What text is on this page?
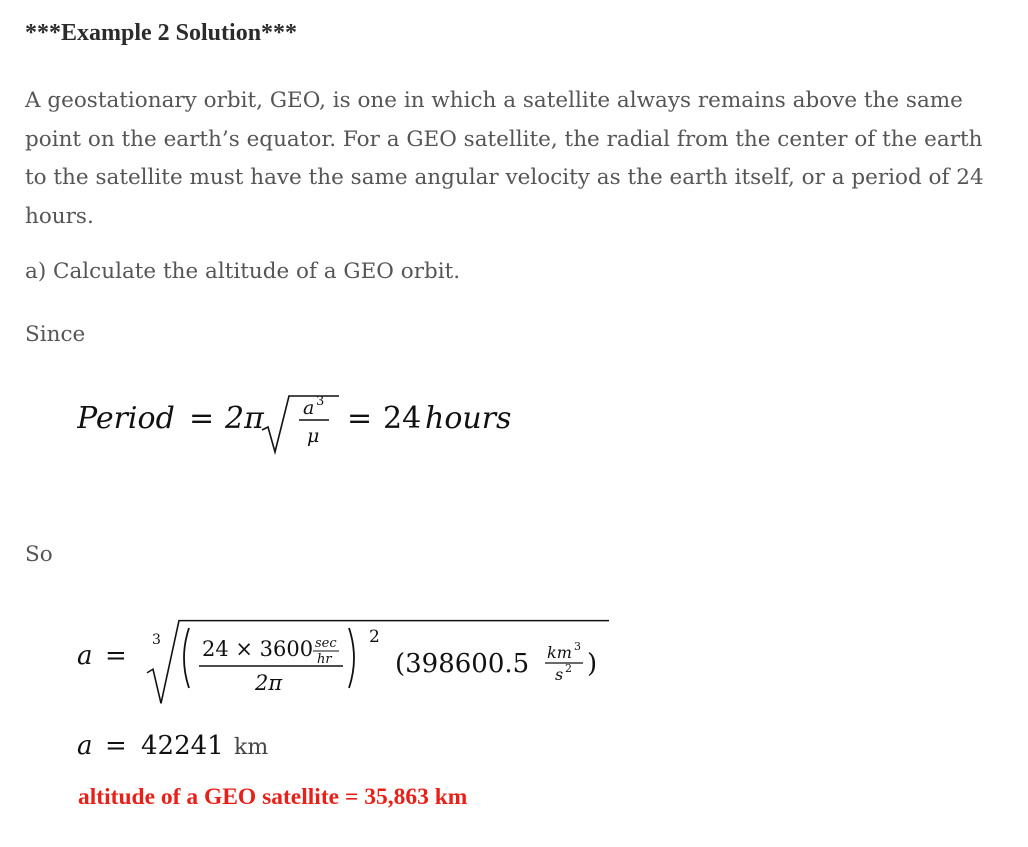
***Example 2 Solution***
A geostationary orbit, GEO, is one in which a satellite always remains above the same point on the earth’s equator. For a GEO satellite, the radial from the center of the earth to the satellite must have the same angular velocity as the earth itself, or a period of 24 hours.
a) Calculate the altitude of a GEO orbit.
Since
Period = 2π a 3
μ = 24 hours
So
a =
3 24 × 3600 sec
hr
2π
2
(398600.5 km 3
s 2 )
a = 42241 km
altitude of a GEO satellite = 35,863 km
